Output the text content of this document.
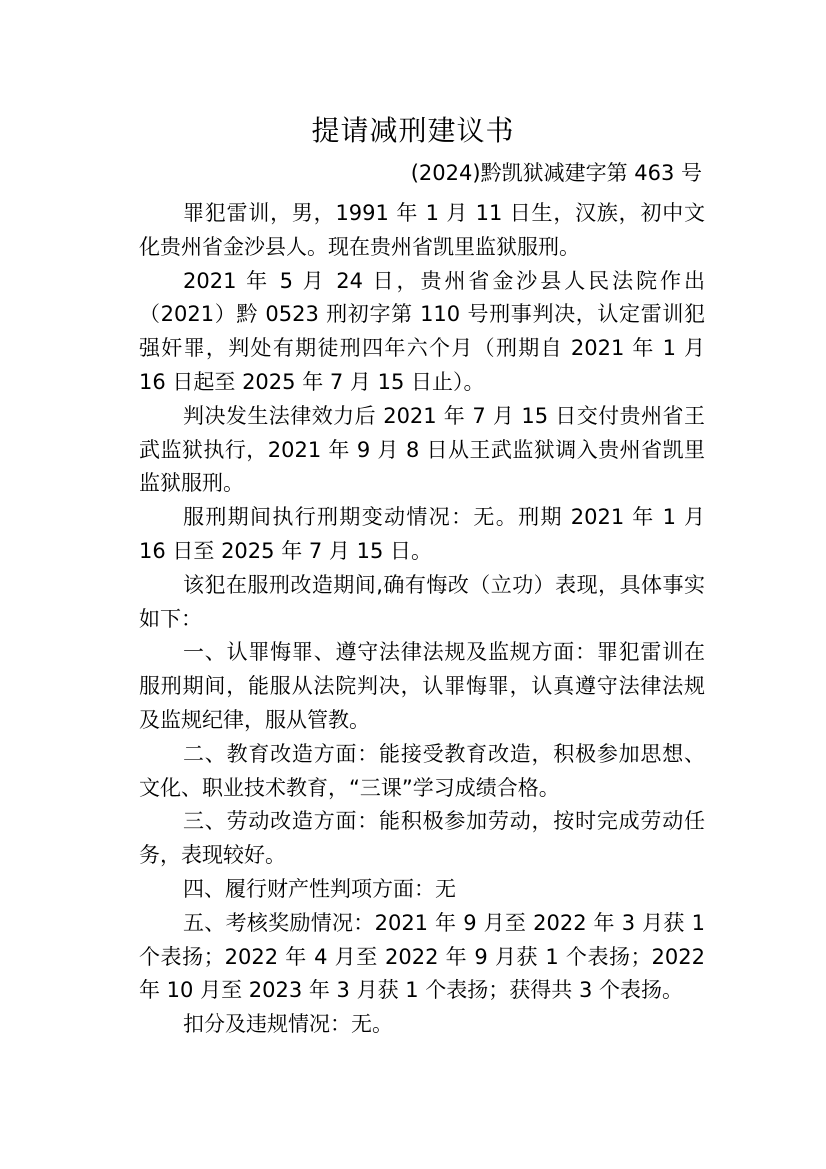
提请减刑建议书
(2024)黔凯狱减建字第 463 号

罪犯雷训，男，1991 年 1 月 11 日生，汉族，初中文化贵州省金沙县人。现在贵州省凯里监狱服刑。

2021 年 5 月 24 日，贵州省金沙县人民法院作出（2021）黔 0523 刑初字第 110 号刑事判决，认定雷训犯强奸罪，判处有期徒刑四年六个月（刑期自 2021 年 1 月 16 日起至 2025 年 7 月 15 日止）。

判决发生法律效力后 2021 年 7 月 15 日交付贵州省王武监狱执行，2021 年 9 月 8 日从王武监狱调入贵州省凯里监狱服刑。

服刑期间执行刑期变动情况：无。刑期 2021 年 1 月 16 日至 2025 年 7 月 15 日。

该犯在服刑改造期间,确有悔改（立功）表现，具体事实如下：

一、认罪悔罪、遵守法律法规及监规方面：罪犯雷训在服刑期间，能服从法院判决，认罪悔罪，认真遵守法律法规及监规纪律，服从管教。

二、教育改造方面：能接受教育改造，积极参加思想、文化、职业技术教育，“三课”学习成绩合格。

三、劳动改造方面：能积极参加劳动，按时完成劳动任务，表现较好。

四、履行财产性判项方面：无

五、考核奖励情况：2021 年 9 月至 2022 年 3 月获 1 个表扬；2022 年 4 月至 2022 年 9 月获 1 个表扬；2022 年 10 月至 2023 年 3 月获 1 个表扬；获得共 3 个表扬。

扣分及违规情况：无。
